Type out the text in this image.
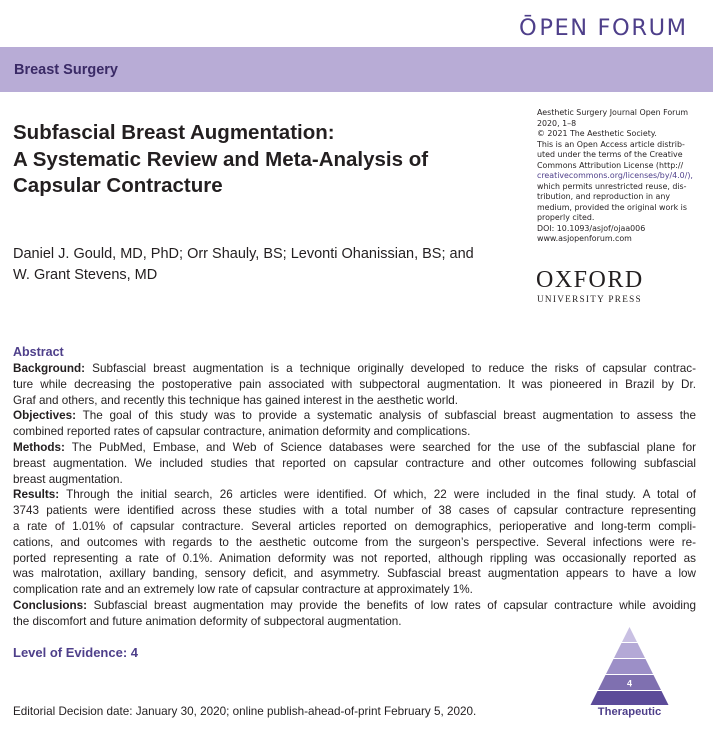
ŌPEN FORUM
Breast Surgery
Subfascial Breast Augmentation:
A Systematic Review and Meta-Analysis of
Capsular Contracture
Daniel J. Gould, MD, PhD; Orr Shauly, BS; Levonti Ohanissian, BS; and
W. Grant Stevens, MD
Aesthetic Surgery Journal Open Forum
2020, 1–8
© 2021 The Aesthetic Society.
This is an Open Access article distrib-
uted under the terms of the Creative
Commons Attribution License (http://
creativecommons.org/licenses/by/4.0/),
which permits unrestricted reuse, dis-
tribution, and reproduction in any
medium, provided the original work is
properly cited.
DOI: 10.1093/asjof/ojaa006
www.asjopenforum.com
OXFORD
UNIVERSITY PRESS
Abstract
Background: Subfascial breast augmentation is a technique originally developed to reduce the risks of capsular contrac-
ture while decreasing the postoperative pain associated with subpectoral augmentation. It was pioneered in Brazil by Dr.
Graf and others, and recently this technique has gained interest in the aesthetic world.
Objectives: The goal of this study was to provide a systematic analysis of subfascial breast augmentation to assess the
combined reported rates of capsular contracture, animation deformity and complications.
Methods: The PubMed, Embase, and Web of Science databases were searched for the use of the subfascial plane for
breast augmentation. We included studies that reported on capsular contracture and other outcomes following subfascial
breast augmentation.
Results: Through the initial search, 26 articles were identified. Of which, 22 were included in the final study. A total of
3743 patients were identified across these studies with a total number of 38 cases of capsular contracture representing
a rate of 1.01% of capsular contracture. Several articles reported on demographics, perioperative and long-term compli-
cations, and outcomes with regards to the aesthetic outcome from the surgeon’s perspective. Several infections were re-
ported representing a rate of 0.1%. Animation deformity was not reported, although rippling was occasionally reported as
was malrotation, axillary banding, sensory deficit, and asymmetry. Subfascial breast augmentation appears to have a low
complication rate and an extremely low rate of capsular contracture at approximately 1%.
Conclusions: Subfascial breast augmentation may provide the benefits of low rates of capsular contracture while avoiding
the discomfort and future animation deformity of subpectoral augmentation.
Level of Evidence: 4
Editorial Decision date: January 30, 2020; online publish-ahead-of-print February 5, 2020.
4
Therapeutic
